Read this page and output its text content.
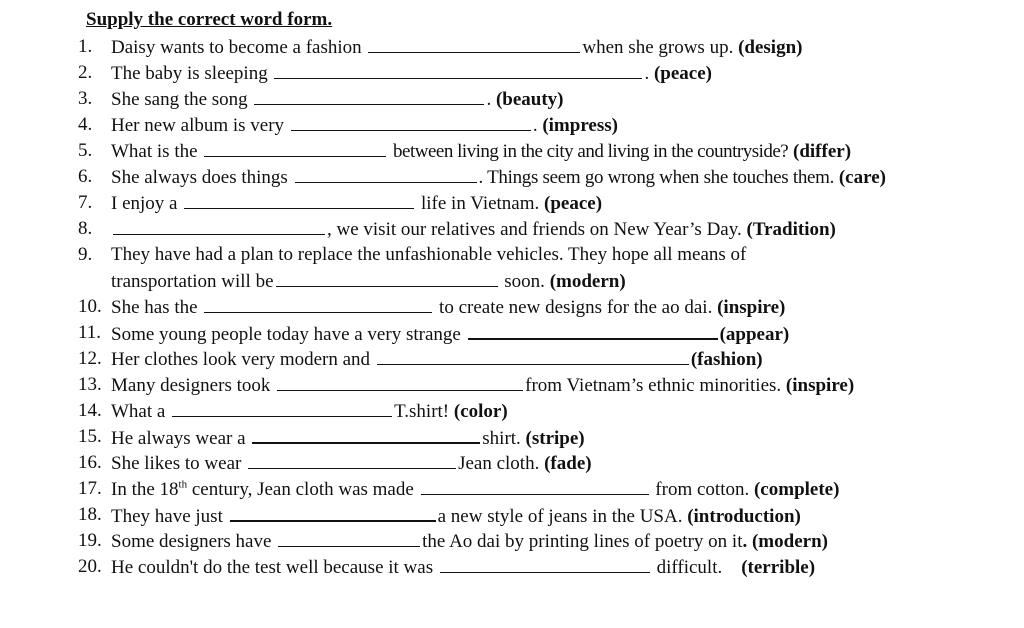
Supply the correct word form.
1. Daisy wants to become a fashion	when she grows up. (design)
2. The baby is sleeping	. (peace)
3. She sang the song	. (beauty)
4. Her new album is very	. (impress)
5. What is the	between living in the city and living in the countryside? (differ)
6. She always does things	. Things seem go wrong when she touches them. (care)
7. I enjoy a	life in Vietnam. (peace)
8.	, we visit our relatives and friends on New Year’s Day. (Tradition)
9. They have had a plan to replace the unfashionable vehicles. They hope all means of
transportation will be	soon. (modern)
10. She has the	to create new designs for the ao dai. (inspire)
11. Some young people today have a very strange	(appear)
12. Her clothes look very modern and	(fashion)
13. Many designers took	from Vietnam’s ethnic minorities. (inspire)
14. What a	T.shirt! (color)
15. He always wear a	shirt. (stripe)
16. She likes to wear	Jean cloth. (fade)
17. In the 18th century, Jean cloth was made	from cotton. (complete)
18. They have just	a new style of jeans in the USA. (introduction)
19. Some designers have	the Ao dai by printing lines of poetry on it. (modern)
20. He couldn't do the test well because it was	difficult. (terrible)
